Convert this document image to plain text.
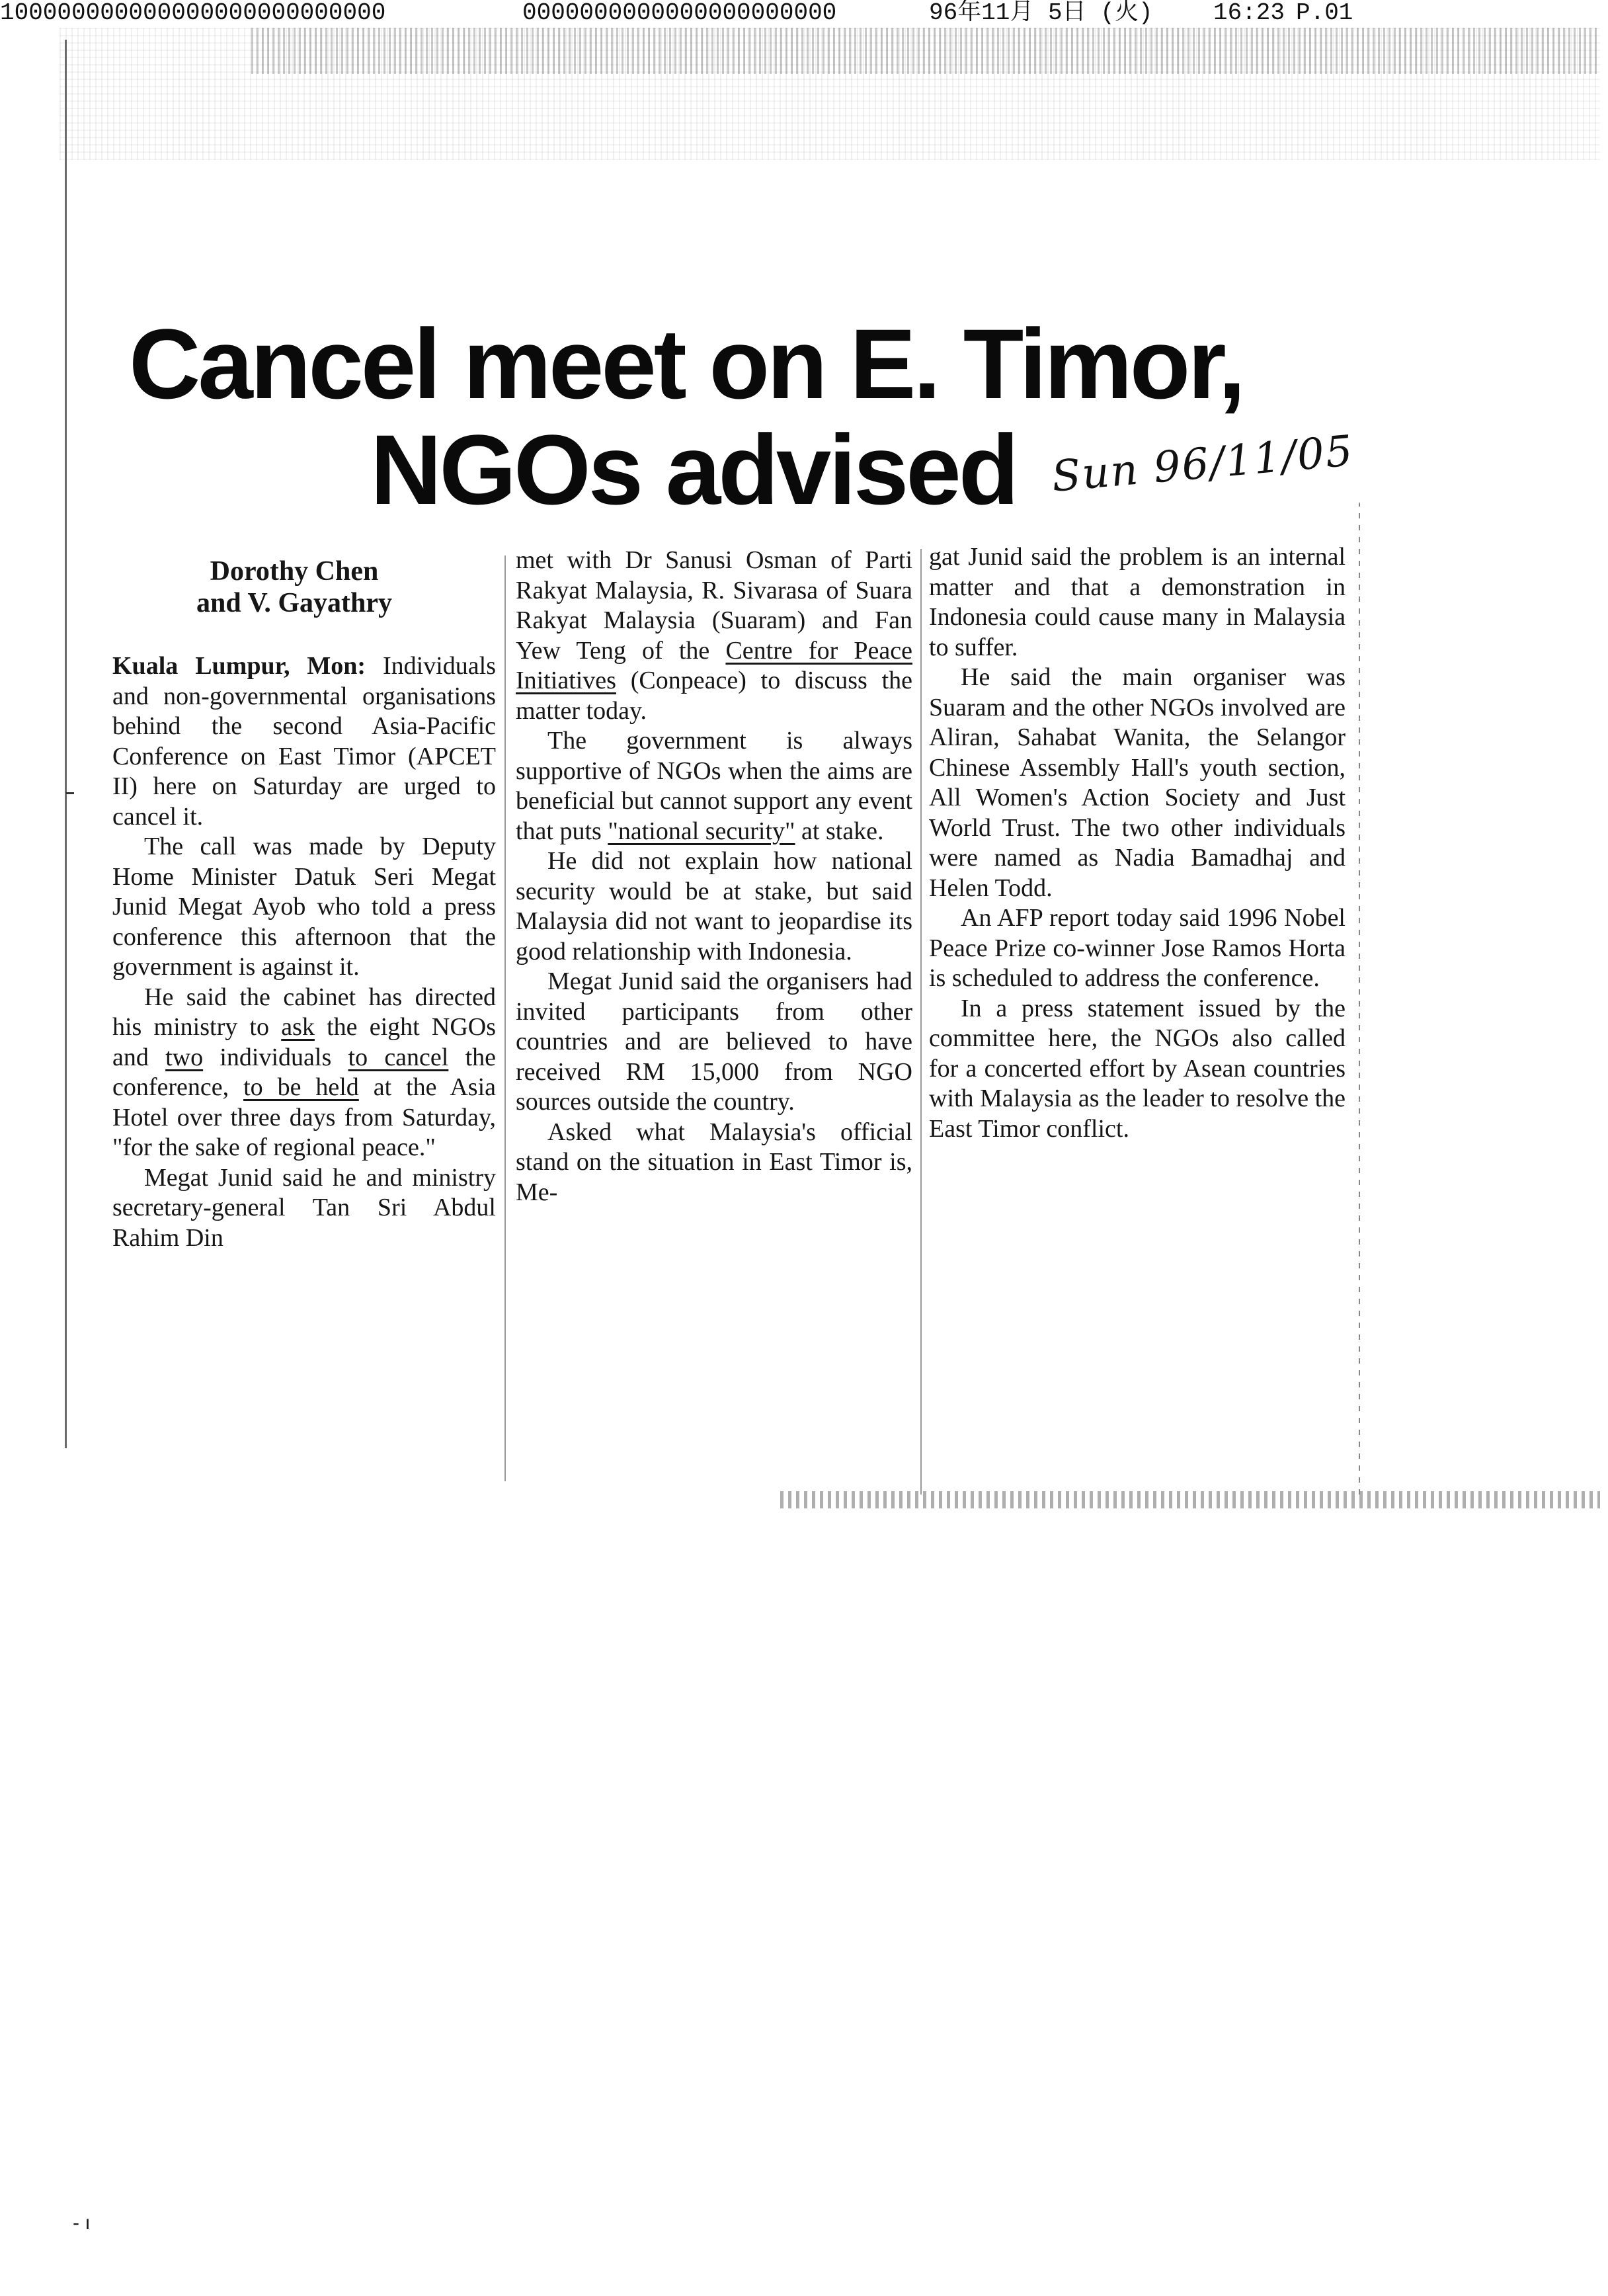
100000000000000000000000000

	0000000000000000000000

	96年11月 5日 (火)

	16:23

P.01

Cancel meet on E. Timor,
NGOs advised Sun 96/11/05
Dorothy Chen
and V. Gayathry

Kuala Lumpur, Mon: Individuals and non-governmental organisations behind the second Asia-Pacific Conference on East Timor (APCET II) here on Saturday are urged to cancel it.

The call was made by Deputy Home Minister Datuk Seri Megat Junid Megat Ayob who told a press conference this afternoon that the government is against it.

He said the cabinet has directed his ministry to ask the eight NGOs and two individuals to cancel the conference, to be held at the Asia Hotel over three days from Saturday, "for the sake of regional peace."

Megat Junid said he and ministry secretary-general Tan Sri Abdul Rahim Din

met with Dr Sanusi Osman of Parti Rakyat Malaysia, R. Sivarasa of Suara Rakyat Malaysia (Suaram) and Fan Yew Teng of the Centre for Peace Initiatives (Conpeace) to discuss the matter today.

The government is always supportive of NGOs when the aims are beneficial but cannot support any event that puts "national security" at stake.

He did not explain how national security would be at stake, but said Malaysia did not want to jeopardise its good relationship with Indonesia.

Megat Junid said the organisers had invited participants from other countries and are believed to have received RM 15,000 from NGO sources outside the country.

Asked what Malaysia's official stand on the situation in East Timor is, Me-

gat Junid said the problem is an internal matter and that a demonstration in Indonesia could cause many in Malaysia to suffer.

He said the main organiser was Suaram and the other NGOs involved are Aliran, Sahabat Wanita, the Selangor Chinese Assembly Hall's youth section, All Women's Action Society and Just World Trust. The two other individuals were named as Nadia Bamadhaj and Helen Todd.

An AFP report today said 1996 Nobel Peace Prize co-winner Jose Ramos Horta is scheduled to address the conference.

In a press statement issued by the committee here, the NGOs also called for a concerted effort by Asean countries with Malaysia as the leader to resolve the East Timor conflict.

- ı
